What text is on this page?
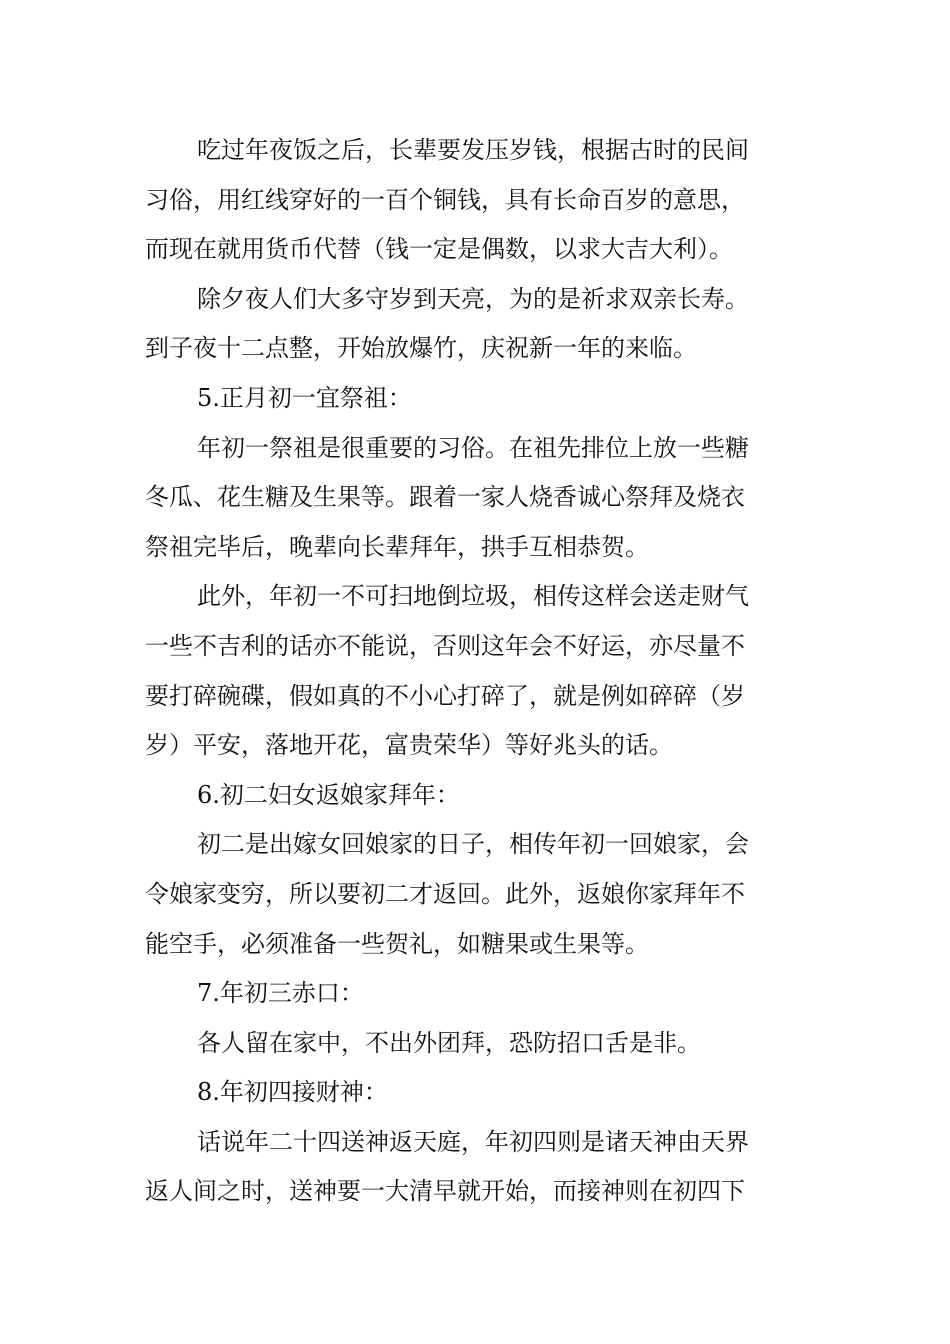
吃过年夜饭之后，长辈要发压岁钱，根据古时的民间
习俗，用红线穿好的一百个铜钱，具有长命百岁的意思，
而现在就用货币代替（钱一定是偶数，以求大吉大利）。
除夕夜人们大多守岁到天亮，为的是祈求双亲长寿。
到子夜十二点整，开始放爆竹，庆祝新一年的来临。
5.正月初一宜祭祖：
年初一祭祖是很重要的习俗。在祖先排位上放一些糖
冬瓜、花生糖及生果等。跟着一家人烧香诚心祭拜及烧衣
祭祖完毕后，晚辈向长辈拜年，拱手互相恭贺。
此外，年初一不可扫地倒垃圾，相传这样会送走财气
一些不吉利的话亦不能说，否则这年会不好运，亦尽量不
要打碎碗碟，假如真的不小心打碎了，就是例如碎碎（岁
岁）平安，落地开花，富贵荣华）等好兆头的话。
6.初二妇女返娘家拜年：
初二是出嫁女回娘家的日子，相传年初一回娘家，会
令娘家变穷，所以要初二才返回。此外，返娘你家拜年不
能空手，必须准备一些贺礼，如糖果或生果等。
7.年初三赤口：
各人留在家中，不出外团拜，恐防招口舌是非。
8.年初四接财神：
话说年二十四送神返天庭，年初四则是诸天神由天界
返人间之时，送神要一大清早就开始，而接神则在初四下
